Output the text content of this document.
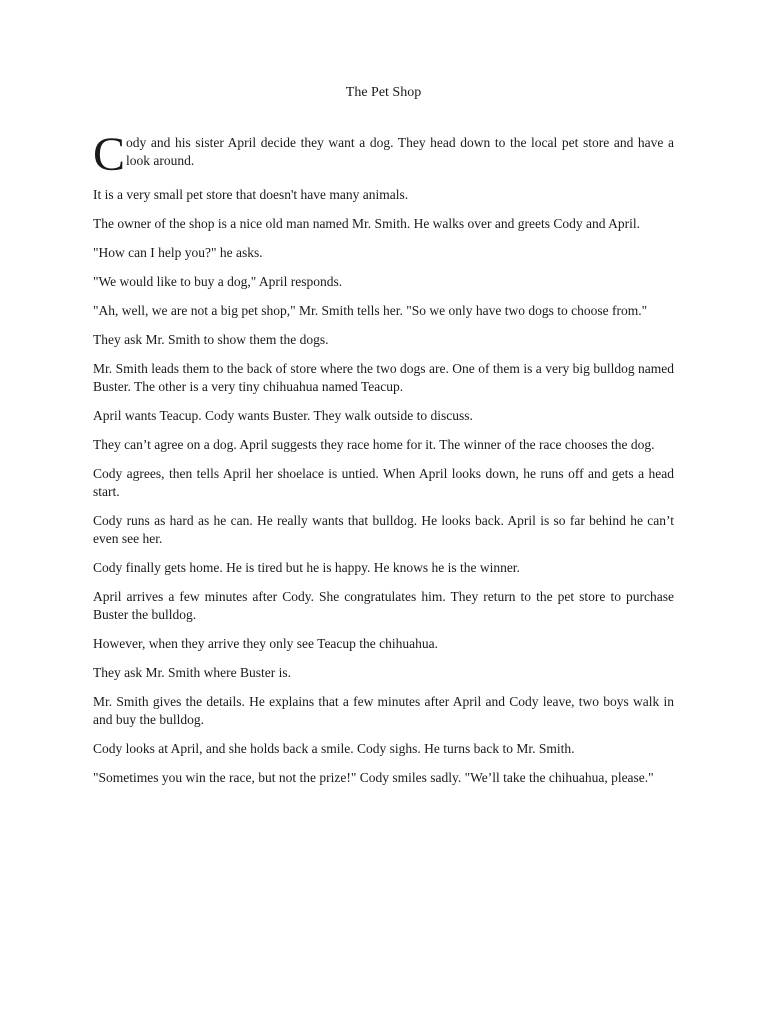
The Pet Shop

Cody and his sister April decide they want a dog. They head down to the local pet store and have a look around.

It is a very small pet store that doesn't have many animals.

The owner of the shop is a nice old man named Mr. Smith. He walks over and greets Cody and April.

"How can I help you?" he asks.

"We would like to buy a dog," April responds.

"Ah, well, we are not a big pet shop," Mr. Smith tells her. "So we only have two dogs to choose from."

They ask Mr. Smith to show them the dogs.

Mr. Smith leads them to the back of store where the two dogs are. One of them is a very big bulldog named Buster. The other is a very tiny chihuahua named Teacup.

April wants Teacup. Cody wants Buster. They walk outside to discuss.

They can’t agree on a dog. April suggests they race home for it. The winner of the race chooses the dog.

Cody agrees, then tells April her shoelace is untied. When April looks down, he runs off and gets a head start.

Cody runs as hard as he can. He really wants that bulldog. He looks back. April is so far behind he can’t even see her.

Cody finally gets home. He is tired but he is happy. He knows he is the winner.

April arrives a few minutes after Cody. She congratulates him. They return to the pet store to purchase Buster the bulldog.

However, when they arrive they only see Teacup the chihuahua.

They ask Mr. Smith where Buster is.

Mr. Smith gives the details. He explains that a few minutes after April and Cody leave, two boys walk in and buy the bulldog.

Cody looks at April, and she holds back a smile. Cody sighs. He turns back to Mr. Smith.

"Sometimes you win the race, but not the prize!" Cody smiles sadly. "We’ll take the chihuahua, please."
